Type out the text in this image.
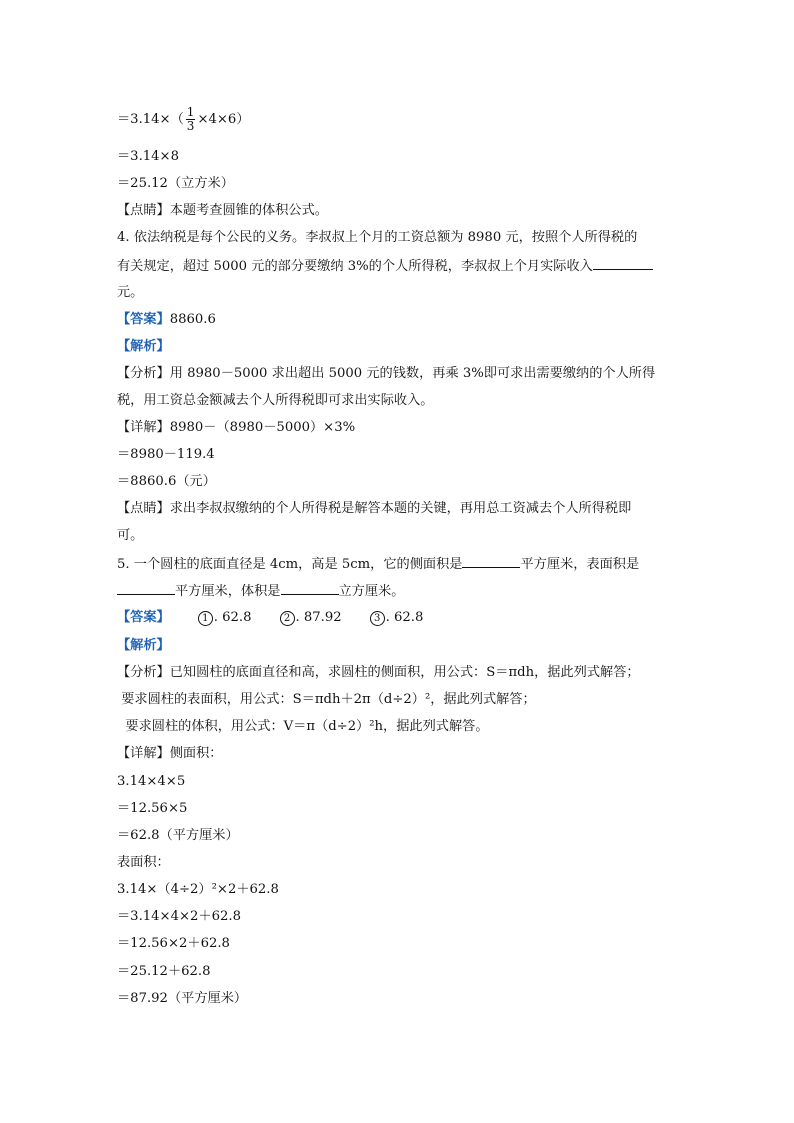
$=3.14\times( \frac{1}{3} \times 4\times 6)$
＝3.14×8
＝25.12（立方米）
【点睛】本题考查圆锥的体积公式。
4. 依法纳税是每个公民的义务。李叔叔上个月的工资总额为 8980 元，按照个人所得税的
有关规定，超过 5000 元的部分要缴纳 3%的个人所得税，李叔叔上个月实际收入
元。
【答案】8860.6
【解析】
【分析】用 8980－5000 求出超出 5000 元的钱数，再乘 3%即可求出需要缴纳的个人所得
税，用工资总金额减去个人所得税即可求出实际收入。
【详解】8980－（8980－5000）×3%
＝8980－119.4
＝8860.6（元）
【点睛】求出李叔叔缴纳的个人所得税是解答本题的关键，再用总工资减去个人所得税即
可。
5. 一个圆柱的底面直径是 4cm，高是 5cm，它的侧面积是	平方厘米，表面积是
平方厘米，体积是	立方厘米。
【答案】	1 . 62.8	2 . 87.92	3 . 62.8
【解析】
【分析】已知圆柱的底面直径和高，求圆柱的侧面积，用公式：S＝πdh，据此列式解答；
要求圆柱的表面积，用公式：S＝πdh＋2π（d÷2）²，据此列式解答；
要求圆柱的体积，用公式：V＝π（d÷2）²h，据此列式解答。
【详解】侧面积：
3.14×4×5
＝12.56×5
＝62.8（平方厘米）
表面积：
3.14×（4÷2）²×2＋62.8
＝3.14×4×2＋62.8
＝12.56×2＋62.8
＝25.12＋62.8
＝87.92（平方厘米）
